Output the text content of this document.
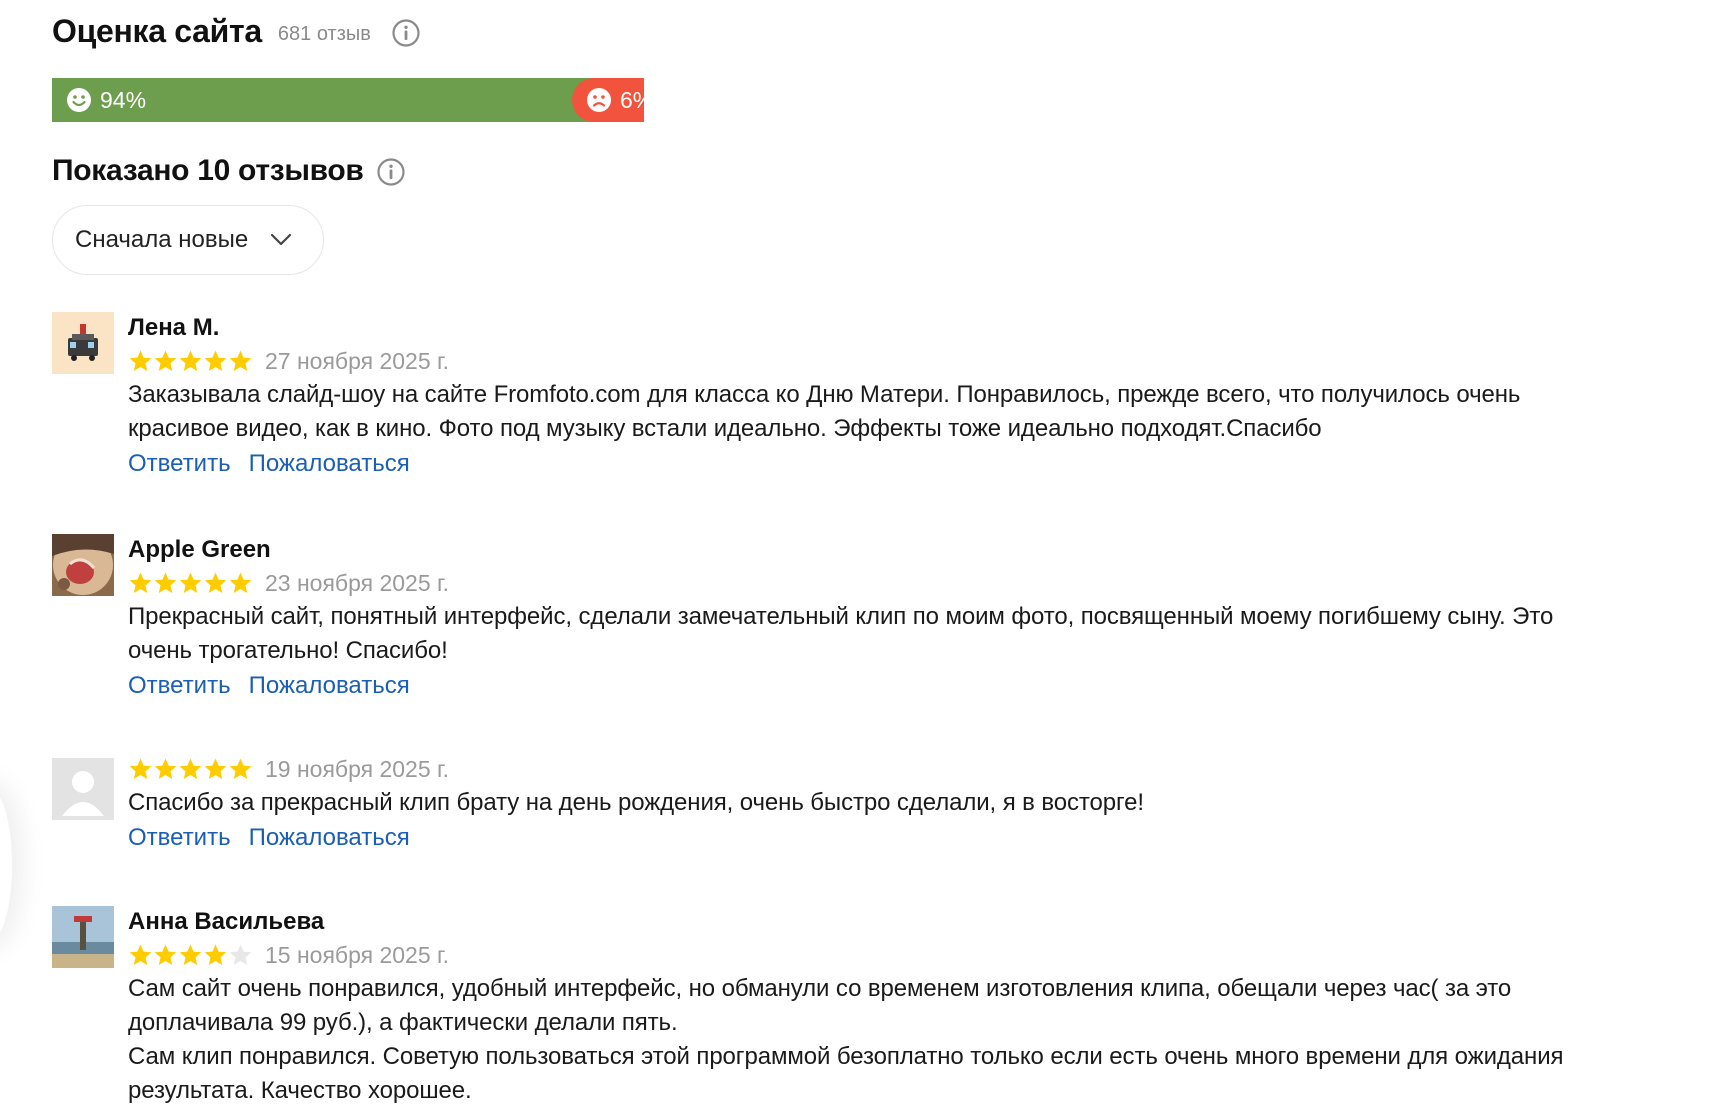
Оценка сайта 681 отзыв
94%	6%
Показано 10 отзывов
Сначала новые
Лена М.
27 ноября 2025 г.
Заказывала слайд-шоу на сайте Fromfoto.com для класса ко Дню Матери. Понравилось, прежде всего, что получилось очень
красивое видео, как в кино. Фото под музыку встали идеально. Эффекты тоже идеально подходят.Спасибо
Ответить Пожаловаться
Apple Green
23 ноября 2025 г.
Прекрасный сайт, понятный интерфейс, сделали замечательный клип по моим фото, посвященный моему погибшему сыну. Это
очень трогательно! Спасибо!
Ответить Пожаловаться
19 ноября 2025 г.
Спасибо за прекрасный клип брату на день рождения, очень быстро сделали, я в восторге!
Ответить Пожаловаться
Анна Васильева
15 ноября 2025 г.
Сам сайт очень понравился, удобный интерфейс, но обманули со временем изготовления клипа, обещали через час( за это
доплачивала 99 руб.), а фактически делали пять.
Сам клип понравился. Советую пользоваться этой программой безоплатно только если есть очень много времени для ожидания
результата. Качество хорошее.
